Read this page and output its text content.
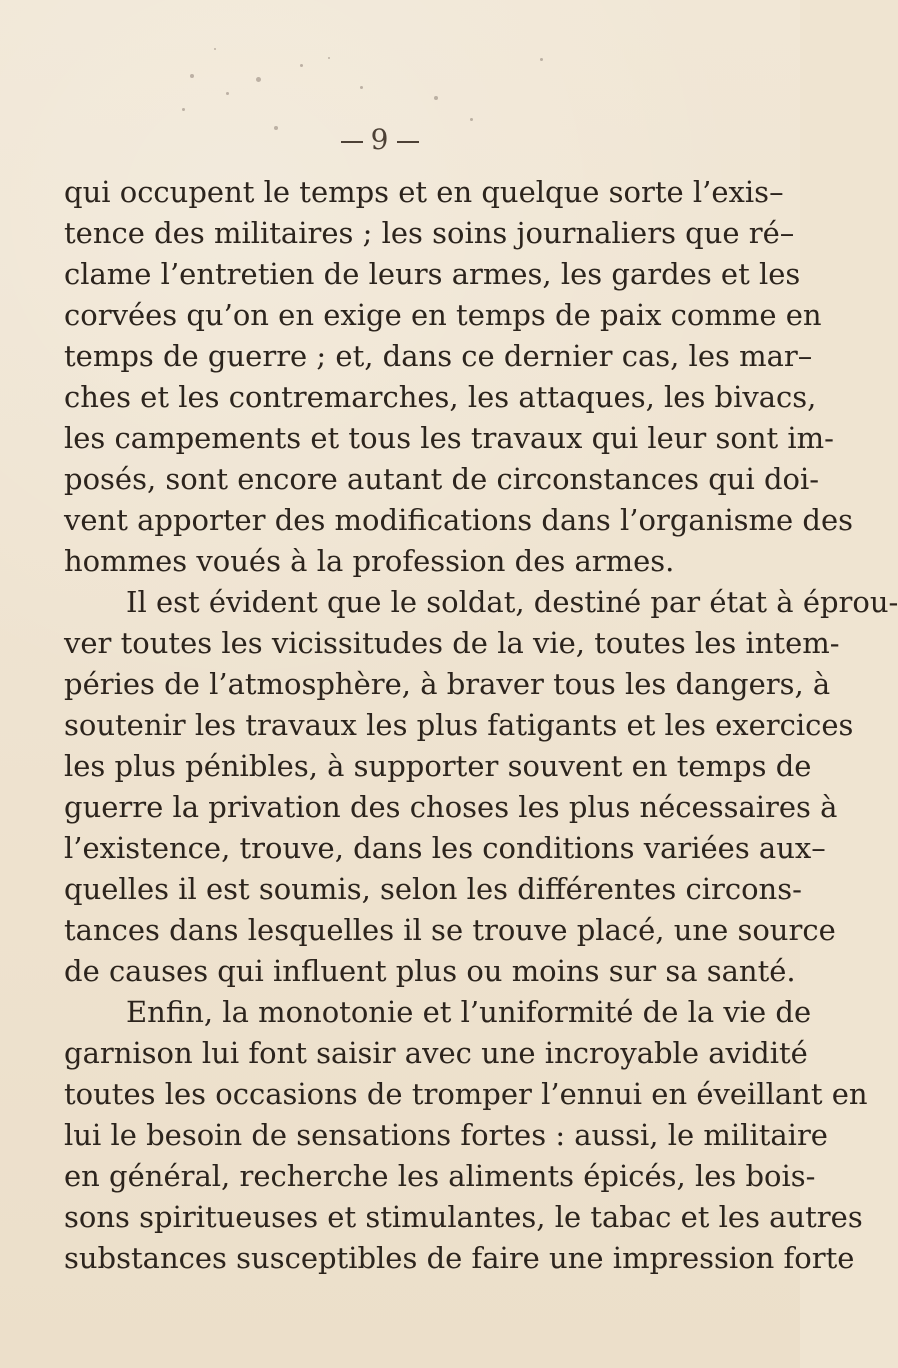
9
qui occupent le temps et en quelque sorte l’exis–
tence des militaires ; les soins journaliers que ré–
clame l’entretien de leurs armes, les gardes et les
corvées qu’on en exige en temps de paix comme en
temps de guerre ; et, dans ce dernier cas, les mar–
ches et les contremarches, les attaques, les bivacs,
les campements et tous les travaux qui leur sont im-
posés, sont encore autant de circonstances qui doi-
vent apporter des modifications dans l’organisme des
hommes voués à la profession des armes.
Il est évident que le soldat, destiné par état à éprou-
ver toutes les vicissitudes de la vie, toutes les intem-
péries de l’atmosphère, à braver tous les dangers, à
soutenir les travaux les plus fatigants et les exercices
les plus pénibles, à supporter souvent en temps de
guerre la privation des choses les plus nécessaires à
l’existence, trouve, dans les conditions variées aux–
quelles il est soumis, selon les différentes circons-
tances dans lesquelles il se trouve placé, une source
de causes qui influent plus ou moins sur sa santé.
Enfin, la monotonie et l’uniformité de la vie de
garnison lui font saisir avec une incroyable avidité
toutes les occasions de tromper l’ennui en éveillant en
lui le besoin de sensations fortes : aussi, le militaire
en général, recherche les aliments épicés, les bois-
sons spiritueuses et stimulantes, le tabac et les autres
substances susceptibles de faire une impression forte
